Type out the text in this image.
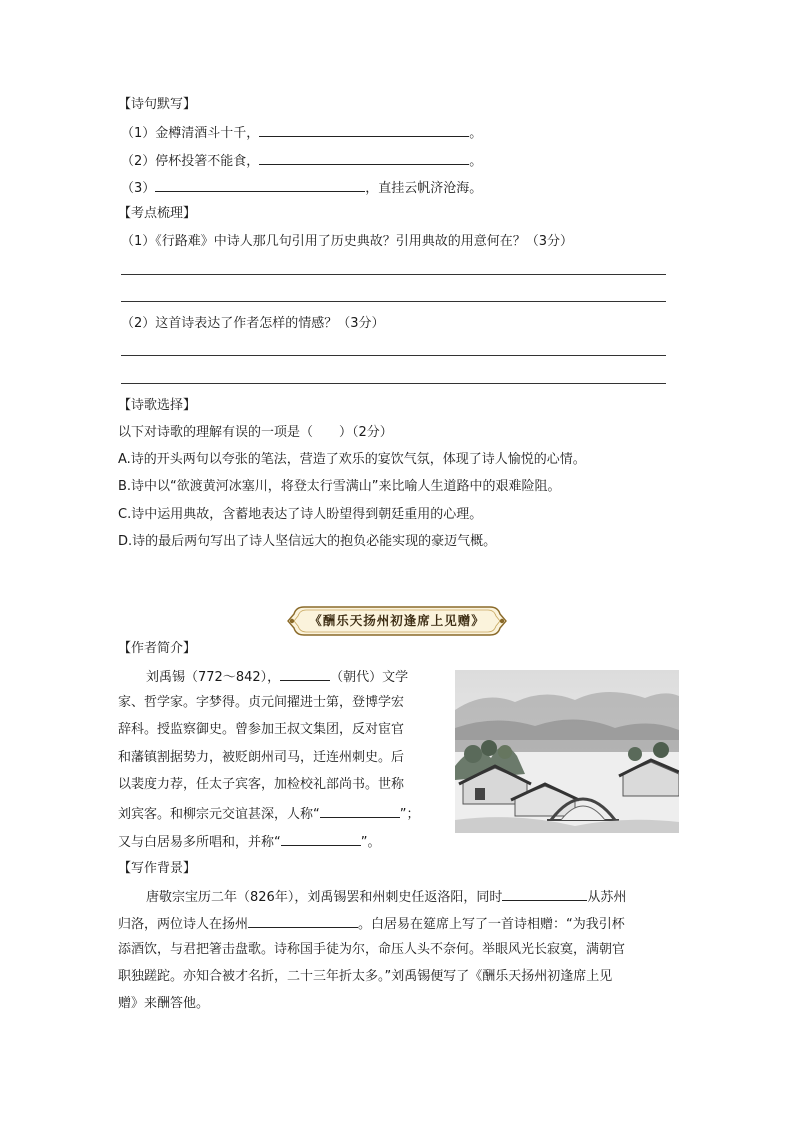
【诗句默写】
（1）金樽清酒斗十千，	。
（2）停杯投箸不能食，	。
（3）	，直挂云帆济沧海。
【考点梳理】
（1）《行路难》中诗人那几句引用了历史典故？引用典故的用意何在？（3分）
（2）这首诗表达了作者怎样的情感？（3分）
【诗歌选择】
以下对诗歌的理解有误的一项是（　　）（2分）
A.诗的开头两句以夸张的笔法，营造了欢乐的宴饮气氛，体现了诗人愉悦的心情。
B.诗中以“欲渡黄河冰塞川，将登太行雪满山”来比喻人生道路中的艰难险阻。
C.诗中运用典故，含蓄地表达了诗人盼望得到朝廷重用的心理。
D.诗的最后两句写出了诗人坚信远大的抱负必能实现的豪迈气概。
《酬乐天扬州初逢席上见赠》
【作者简介】
刘禹锡（772～842），	（朝代）文学
家、哲学家。字梦得。贞元间擢进士第，登博学宏
辞科。授监察御史。曾参加王叔文集团，反对宦官
和藩镇割据势力，被贬朗州司马，迁连州刺史。后
以裴度力荐，任太子宾客，加检校礼部尚书。世称
刘宾客。和柳宗元交谊甚深，人称“	”；
又与白居易多所唱和，并称“	”。
【写作背景】
唐敬宗宝历二年（826年），刘禹锡罢和州刺史任返洛阳，同时	从苏州
归洛，两位诗人在扬州	。白居易在筵席上写了一首诗相赠：“为我引杯
添酒饮，与君把箸击盘歌。诗称国手徒为尔，命压人头不奈何。举眼风光长寂寞，满朝官
职独蹉跎。亦知合被才名折，二十三年折太多。”刘禹锡便写了《酬乐天扬州初逢席上见
赠》来酬答他。
